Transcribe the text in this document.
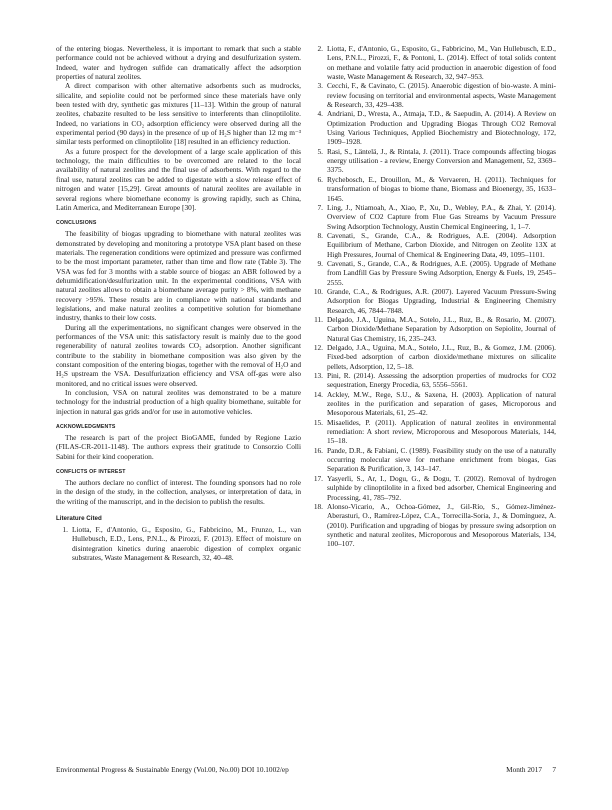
of the entering biogas. Nevertheless, it is important to remark that such a stable performance could not be achieved without a drying and desulfurization system. Indeed, water and hydrogen sulfide can dramatically affect the adsorption properties of natural zeolites.

A direct comparison with other alternative adsorbents such as mudrocks, silicalite, and sepiolite could not be performed since these materials have only been tested with dry, synthetic gas mixtures [11–13]. Within the group of natural zeolites, chabazite resulted to be less sensitive to interferents than clinoptilolite. Indeed, no variations in CO₂ adsorption efficiency were observed during all the experimental period (90 days) in the presence of up of H₂S higher than 12 mg m⁻³ similar tests performed on clinoptilolite [18] resulted in an efficiency reduction.

As a future prospect for the development of a large scale application of this technology, the main difficulties to be overcomed are related to the local availability of natural zeolites and the final use of adsorbents. With regard to the final use, natural zeolites can be added to digestate with a slow release effect of nitrogen and water [15,29]. Great amounts of natural zeolites are available in several regions where biomethane economy is growing rapidly, such as China, Latin America, and Mediterranean Europe [30].

CONCLUSIONS

The feasibility of biogas upgrading to biomethane with natural zeolites was demonstrated by developing and monitoring a prototype VSA plant based on these materials. The regeneration conditions were optimized and pressure was confirmed to be the most important parameter, rather than time and flow rate (Table 3). The VSA was fed for 3 months with a stable source of biogas: an ABR followed by a dehumidification/desulfurization unit. In the experimental conditions, VSA with natural zeolites allows to obtain a biomethane average purity > 8%, with methane recovery >95%. These results are in compliance with national standards and legislations, and make natural zeolites a competitive solution for biomethane industry, thanks to their low costs.

During all the experimentations, no significant changes were observed in the performances of the VSA unit: this satisfactory result is mainly due to the good regenerability of natural zeolites towards CO₂ adsorption. Another significant contribute to the stability in biomethane composition was also given by the constant composition of the entering biogas, together with the removal of H₂O and H₂S upstream the VSA. Desulfurization efficiency and VSA off-gas were also monitored, and no critical issues were observed.

In conclusion, VSA on natural zeolites was demonstrated to be a mature technology for the industrial production of a high quality biomethane, suitable for injection in natural gas grids and/or for use in automotive vehicles.

ACKNOWLEDGMENTS

The research is part of the project BioGAME, funded by Regione Lazio (FILAS-CR-2011-1148). The authors express their gratitude to Consorzio Colli Sabini for their kind cooperation.

CONFLICTS OF INTEREST

The authors declare no conflict of interest. The founding sponsors had no role in the design of the study, in the collection, analyses, or interpretation of data, in the writing of the manuscript, and in the decision to publish the results.

Literature Cited
1. Liotta, F., d'Antonio, G., Esposito, G., Fabbricino, M., Frunzo, L., van Hullebusch, E.D., Lens, P.N.L., & Pirozzi, F. (2013). Effect of moisture on disintegration kinetics during anaerobic digestion of complex organic substrates, Waste Management & Research, 32, 40–48.
2. Liotta, F., d'Antonio, G., Esposito, G., Fabbricino, M., Van Hullebusch, E.D., Lens, P.N.L., Pirozzi, F., & Pontoni, L. (2014). Effect of total solids content on methane and volatile fatty acid production in anaerobic digestion of food waste, Waste Management & Research, 32, 947–953.
3. Cecchi, F., & Cavinato, C. (2015). Anaerobic digestion of bio-waste. A mini-review focusing on territorial and environmental aspects, Waste Management & Research, 33, 429–438.
4. Andriani, D., Wresta, A., Atmaja, T.D., & Saepudin, A. (2014). A Review on Optimization Production and Upgrading Biogas Through CO2 Removal Using Various Techniques, Applied Biochemistry and Biotechnology, 172, 1909–1928.
5. Rasi, S., Läntelä, J., & Rintala, J. (2011). Trace compounds affecting biogas energy utilisation - a review, Energy Conversion and Management, 52, 3369–3375.
6. Rychebosch, E., Drouillon, M., & Vervaeren, H. (2011). Techniques for transformation of biogas to biome thane, Biomass and Bioenergy, 35, 1633–1645.
7. Ling, J., Ntiamoah, A., Xiao, P., Xu, D., Webley, P.A., & Zhai, Y. (2014). Overview of CO2 Capture from Flue Gas Streams by Vacuum Pressure Swing Adsorption Technology, Austin Chemical Engineering, 1, 1–7.
8. Cavenati, S., Grande, C.A., & Rodrigues, A.E. (2004). Adsorption Equilibrium of Methane, Carbon Dioxide, and Nitrogen on Zeolite 13X at High Pressures, Journal of Chemical & Engineering Data, 49, 1095–1101.
9. Cavenati, S., Grande, C.A., & Rodrigues, A.E. (2005). Upgrade of Methane from Landfill Gas by Pressure Swing Adsorption, Energy & Fuels, 19, 2545–2555.
10. Grande, C.A., & Rodrigues, A.R. (2007). Layered Vacuum Pressure-Swing Adsorption for Biogas Upgrading, Industrial & Engineering Chemistry Research, 46, 7844–7848.
11. Delgado, J.A., Uguina, M.A., Sotelo, J.L., Ruz, B., & Rosario, M. (2007). Carbon Dioxide/Methane Separation by Adsorption on Sepiolite, Journal of Natural Gas Chemistry, 16, 235–243.
12. Delgado, J.A., Uguina, M.A., Sotelo, J.L., Ruz, B., & Gomez, J.M. (2006). Fixed-bed adsorption of carbon dioxide/methane mixtures on silicalite pellets, Adsorption, 12, 5–18.
13. Pini, R. (2014). Assessing the adsorption properties of mudrocks for CO2 sequestration, Energy Procedia, 63, 5556–5561.
14. Ackley, M.W., Rege, S.U., & Saxena, H. (2003). Application of natural zeolites in the purification and separation of gases, Microporous and Mesoporous Materials, 61, 25–42.
15. Misaelides, P. (2011). Application of natural zeolites in environmental remediation: A short review, Microporous and Mesoporous Materials, 144, 15–18.
16. Pande, D.R., & Fabiani, C. (1989). Feasibility study on the use of a naturally occurring molecular sieve for methane enrichment from biogas, Gas Separation & Purification, 3, 143–147.
17. Yasyerli, S., Ar, I., Dogu, G., & Dogu, T. (2002). Removal of hydrogen sulphide by clinoptilolite in a fixed bed adsorber, Chemical Engineering and Processing, 41, 785–792.
18. Alonso-Vicario, A., Ochoa-Gómez, J., Gil-Río, S., Gómez-Jiménez-Aberasturi, O., Ramírez-López, C.A., Torrecilla-Soria, J., & Domínguez, A. (2010). Purification and upgrading of biogas by pressure swing adsorption on synthetic and natural zeolites, Microporous and Mesoporous Materials, 134, 100–107.
Environmental Progress & Sustainable Energy (Vol.00, No.00) DOI 10.1002/ep	Month 2017 7
